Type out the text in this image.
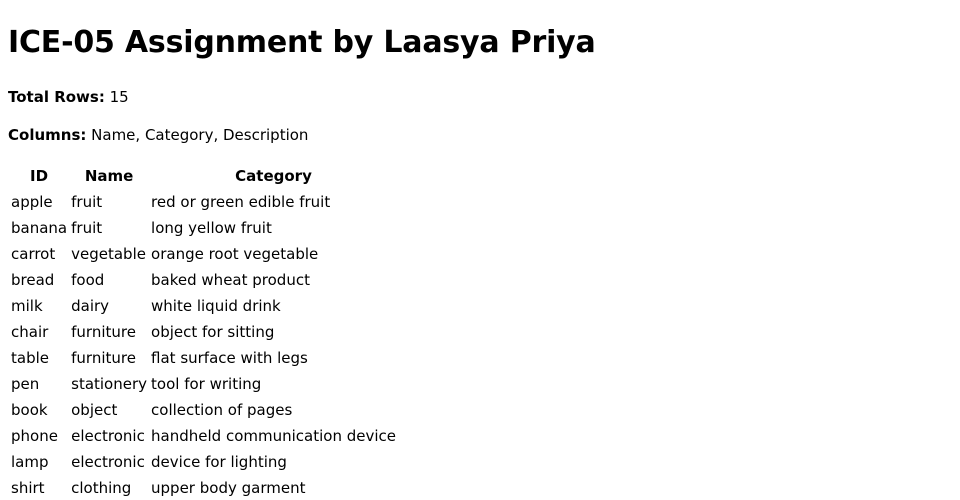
ICE-05 Assignment by Laasya Priya

Total Rows: 15

Columns: Name, Category, Description

ID	Name	Category
apple	fruit	red or green edible fruit
banana	fruit	long yellow fruit
carrot	vegetable	orange root vegetable
bread	food	baked wheat product
milk	dairy	white liquid drink
chair	furniture	object for sitting
table	furniture	flat surface with legs
pen	stationery	tool for writing
book	object	collection of pages
phone	electronic	handheld communication device
lamp	electronic	device for lighting
shirt	clothing	upper body garment
